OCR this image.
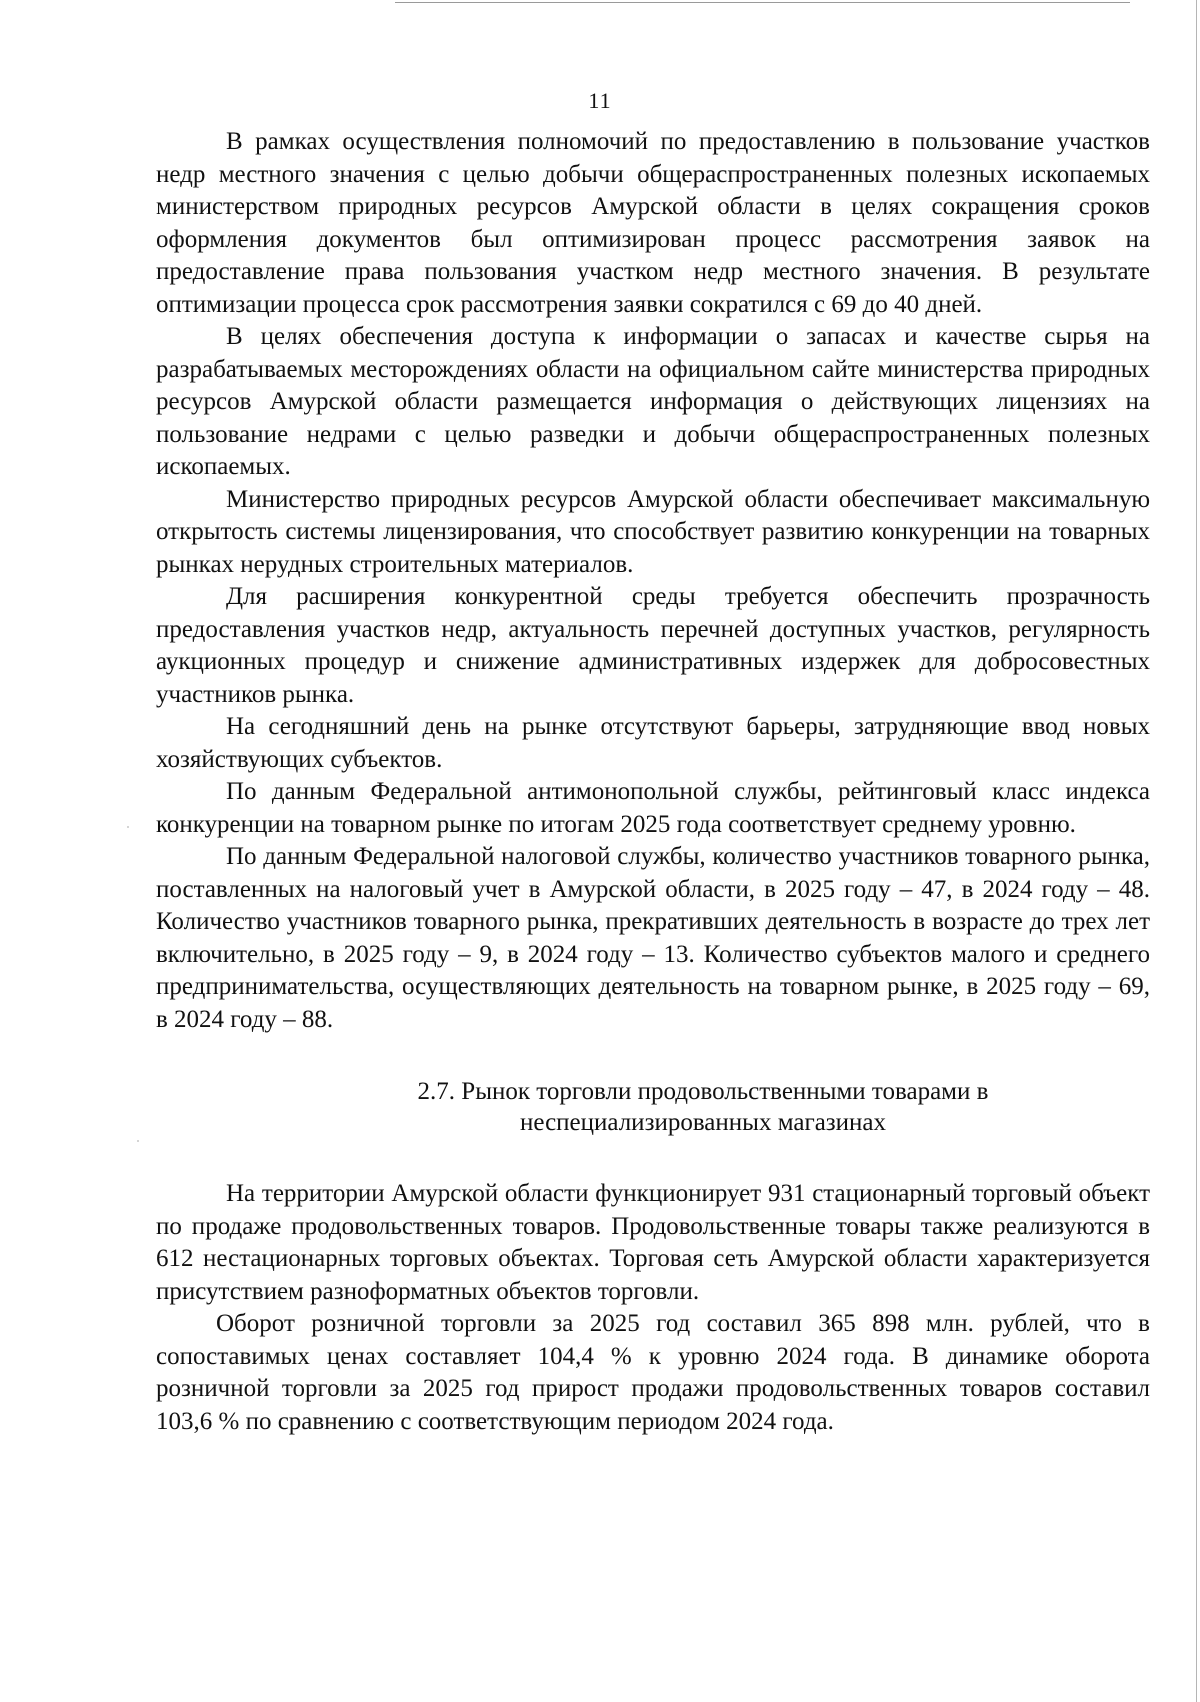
11

В рамках осуществления полномочий по предоставлению в пользование участков недр местного значения с целью добычи общераспространенных полезных ископаемых министерством природных ресурсов Амурской области в целях сокращения сроков оформления документов был оптимизирован процесс рассмотрения заявок на предоставление права пользования участком недр местного значения. В результате оптимизации процесса срок рассмотрения заявки сократился с 69 до 40 дней.

В целях обеспечения доступа к информации о запасах и качестве сырья на разрабатываемых месторождениях области на официальном сайте министерства природных ресурсов Амурской области размещается информация о действующих лицензиях на пользование недрами с целью разведки и добычи общераспространенных полезных ископаемых.

Министерство природных ресурсов Амурской области обеспечивает максимальную открытость системы лицензирования, что способствует развитию конкуренции на товарных рынках нерудных строительных материалов.

Для расширения конкурентной среды требуется обеспечить прозрачность предоставления участков недр, актуальность перечней доступных участков, регулярность аукционных процедур и снижение административных издержек для добросовестных участников рынка.

На сегодняшний день на рынке отсутствуют барьеры, затрудняющие ввод новых хозяйствующих субъектов.

По данным Федеральной антимонопольной службы, рейтинговый класс индекса конкуренции на товарном рынке по итогам 2025 года соответствует среднему уровню.

По данным Федеральной налоговой службы, количество участников товарного рынка, поставленных на налоговый учет в Амурской области, в 2025 году – 47, в 2024 году – 48. Количество участников товарного рынка, прекративших деятельность в возрасте до трех лет включительно, в 2025 году – 9, в 2024 году – 13. Количество субъектов малого и среднего предпринимательства, осуществляющих деятельность на товарном рынке, в 2025 году – 69, в 2024 году – 88.

2.7. Рынок торговли продовольственными товарами в
неспециализированных магазинах

На территории Амурской области функционирует 931 стационарный торговый объект по продаже продовольственных товаров. Продовольственные товары также реализуются в 612 нестационарных торговых объектах. Торговая сеть Амурской области характеризуется присутствием разноформатных объектов торговли.

Оборот розничной торговли за 2025 год составил 365 898 млн. рублей, что в сопоставимых ценах составляет 104,4 % к уровню 2024 года. В динамике оборота розничной торговли за 2025 год прирост продажи продовольственных товаров составил 103,6 % по сравнению с соответствующим периодом 2024 года.
